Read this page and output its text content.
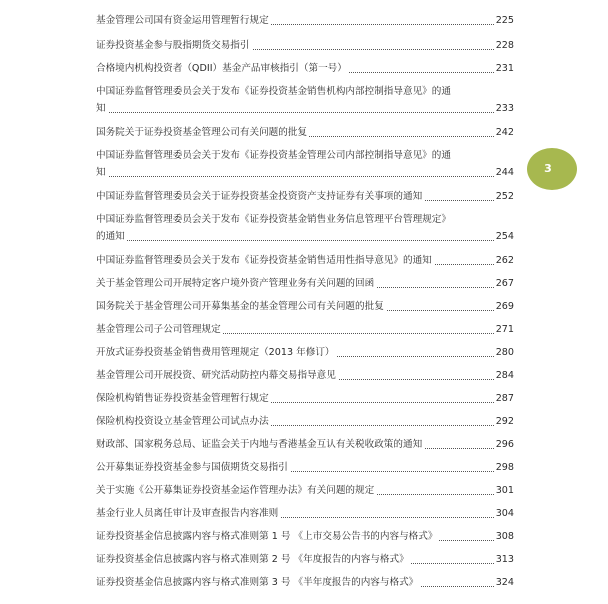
基金管理公司国有资金运用管理暂行规定	225
证券投资基金参与股指期货交易指引	228
合格境内机构投资者（QDII）基金产品审核指引（第一号）	231
中国证券监督管理委员会关于发布《证券投资基金销售机构内部控制指导意见》的通
知	233
国务院关于证券投资基金管理公司有关问题的批复	242
中国证券监督管理委员会关于发布《证券投资基金管理公司内部控制指导意见》的通
知	244
中国证券监督管理委员会关于证券投资基金投资资产支持证券有关事项的通知	252
中国证券监督管理委员会关于发布《证券投资基金销售业务信息管理平台管理规定》
的通知	254
中国证券监督管理委员会关于发布《证券投资基金销售适用性指导意见》的通知	262
关于基金管理公司开展特定客户境外资产管理业务有关问题的回函	267
国务院关于基金管理公司开募集基金的基金管理公司有关问题的批复	269
基金管理公司子公司管理规定	271
开放式证券投资基金销售费用管理规定（2013 年修订）	280
基金管理公司开展投资、研究活动防控内幕交易指导意见	284
保险机构销售证券投资基金管理暂行规定	287
保险机构投资设立基金管理公司试点办法	292
财政部、国家税务总局、证监会关于内地与香港基金互认有关税收政策的通知	296
公开募集证券投资基金参与国债期货交易指引	298
关于实施《公开募集证券投资基金运作管理办法》有关问题的规定	301
基金行业人员离任审计及审查报告内容准则	304
证券投资基金信息披露内容与格式准则第 1 号 《上市交易公告书的内容与格式》	308
证券投资基金信息披露内容与格式准则第 2 号 《年度报告的内容与格式》	313
证券投资基金信息披露内容与格式准则第 3 号 《半年度报告的内容与格式》	324
3
